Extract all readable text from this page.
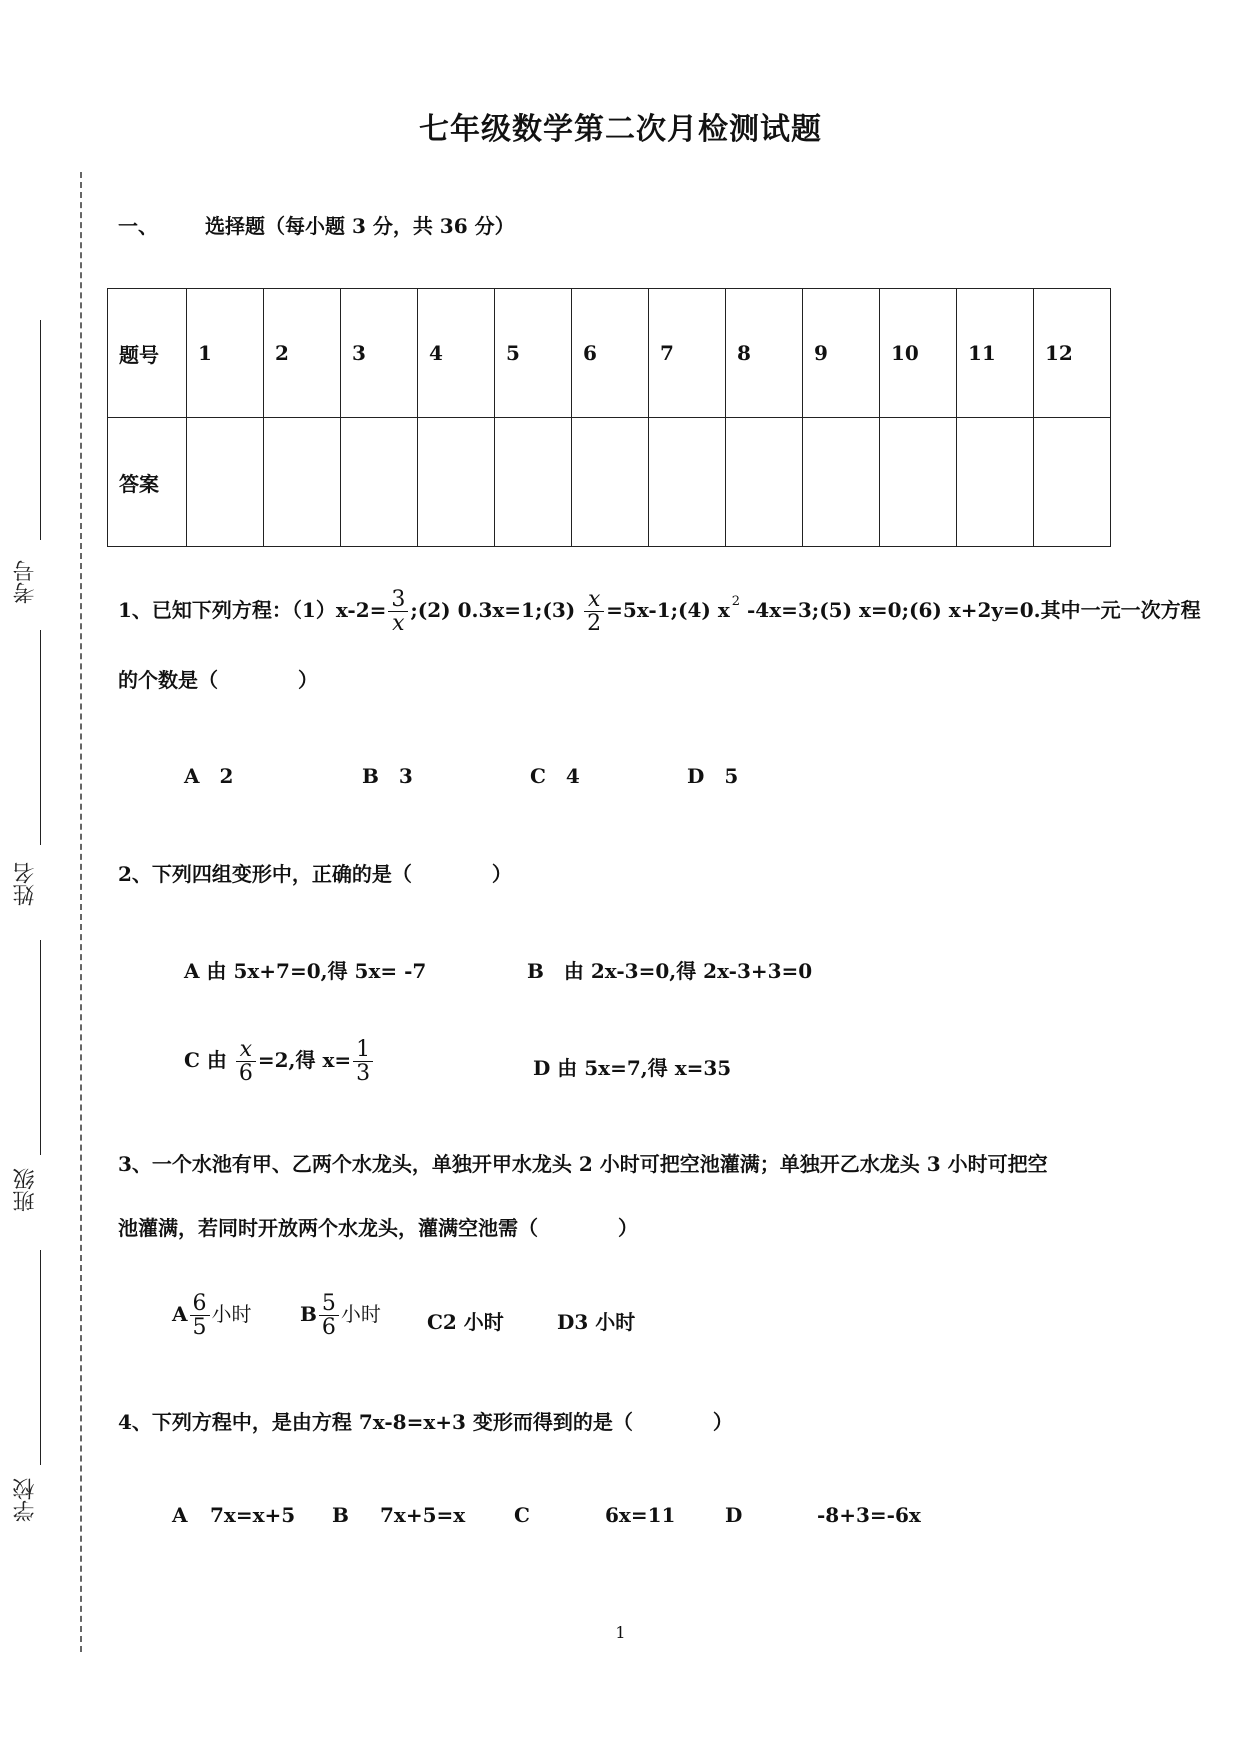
考号
姓名
班级
学校
七年级数学第二次月检测试题
一、 选择题（每小题 3 分，共 36 分）
题号	1	2	3	4	5	6	7	8	9	10	11	12
答案												
1、已知下列方程：$(1)x-2= \frac{3}{x}$ ;(2) 0.3x=1;(3) $\frac{x}{2}$ =5x-1;(4) x $^2$ -4x=3;(5) x=0;(6) x+2y=0.其中一元一次方程
的个数是（　　　　）
A　2	B　3	C　4	D　5
2、下列四组变形中，正确的是（　　　　）
A 由 5x+7=0,得 5x= -7	B　由 2x-3=0,得 2x-3+3=0
C 由 $\frac{x}{6} =2$,得 $x= \frac{1}{3}$	D 由 5x=7,得 x=35
3、一个水池有甲、乙两个水龙头，单独开甲水龙头 2 小时可把空池灌满；单独开乙水龙头 3 小时可把空
池灌满，若同时开放两个水龙头，灌满空池需（　　　　）
A $\frac{6}{5}$ 小时 B $\frac{5}{6}$ 小时 C2 小时	D3 小时
4、下列方程中，是由方程 7x-8=x+3 变形而得到的是（　　　　）
A 7x=x+5 B 7x+5=x C	6x=11 D	-8+3=-6x
1
